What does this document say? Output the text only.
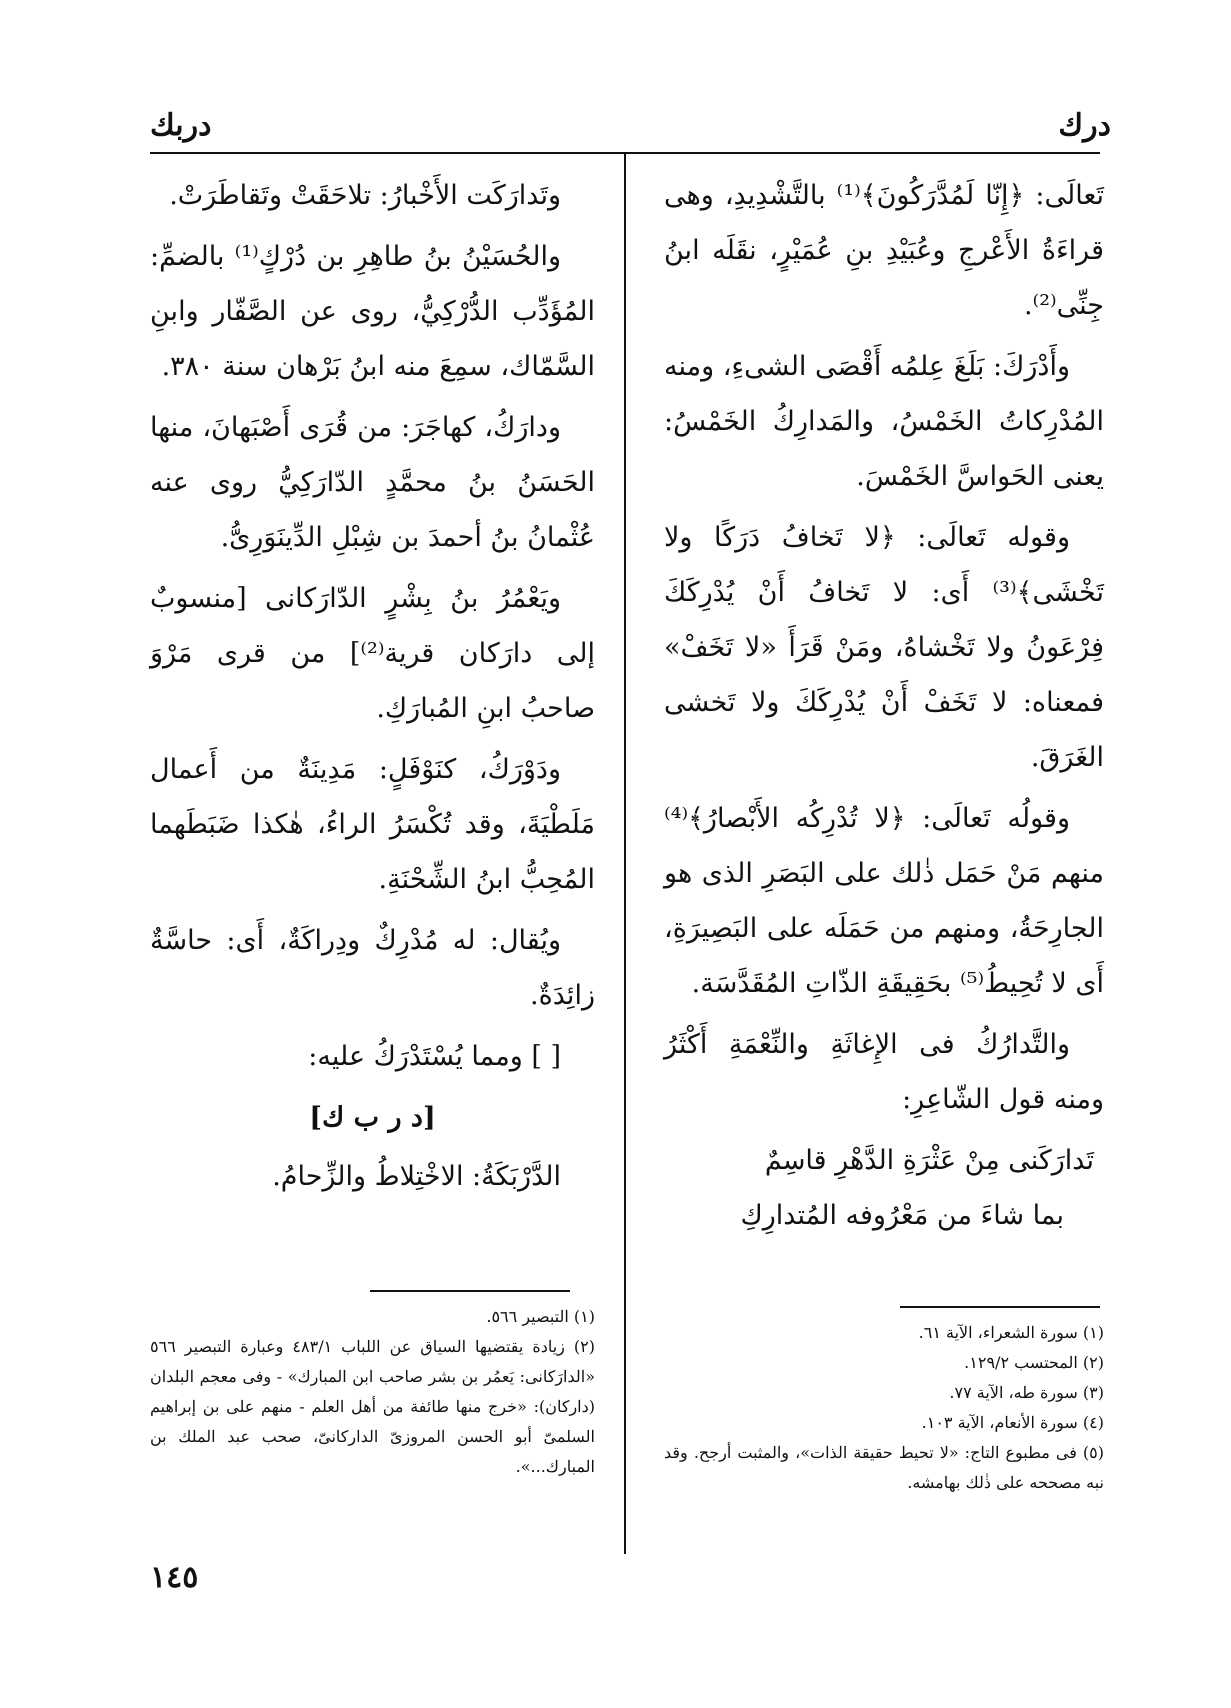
درك
دربك

تَعالَى: ﴿إِنّا لَمُدَّرَكُونَ﴾⁽¹⁾ بالتَّشْدِيدِ، وهى قراءَةُ الأَعْرجِ وعُبَيْدِ بنِ عُمَيْرٍ، نقَلَه ابنُ جِنِّى⁽²⁾.

وأَدْرَكَ: بَلَغَ عِلمُه أَقْصَى الشىءِ، ومنه المُدْرِكاتُ الخَمْسُ، والمَدارِكُ الخَمْسُ: يعنى الحَواسَّ الخَمْسَ.

وقوله تَعالَى: ﴿لا تَخافُ دَرَكًا ولا تَخْشَى﴾⁽³⁾ أَى: لا تَخافُ أَنْ يُدْرِكَكَ فِرْعَونُ ولا تَخْشاهُ، ومَنْ قَرَأَ «لا تَخَفْ» فمعناه: لا تَخَفْ أَنْ يُدْرِكَكَ ولا تَخشى الغَرَقَ.

وقولُه تَعالَى: ﴿لا تُدْرِكُه الأَبْصارُ﴾⁽⁴⁾ منهم مَنْ حَمَل ذٰلك على البَصَرِ الذى هو الجارِحَةُ، ومنهم من حَمَلَه على البَصِيرَةِ، أَى لا تُحِيطُ⁽⁵⁾ بحَقِيقَةِ الذّاتِ المُقَدَّسَة.

والتَّدارُكُ فى الإِغاثَةِ والنِّعْمَةِ أَكْثَرُ ومنه قول الشّاعِرِ:

تَدارَكَنى مِنْ عَثْرَةِ الدَّهْرِ قاسِمٌ
بما شاءَ من مَعْرُوفه المُتدارِكِ

وتَدارَكَت الأَخْبارُ: تلاحَقَتْ وتَقاطَرَتْ.

والحُسَيْنُ بنُ طاهِرِ بن دُرْكٍ⁽¹⁾ بالضمِّ: المُؤَدِّب الدُّرْكِيُّ، روى عن الصَّفّار وابنِ السَّمّاك، سمِعَ منه ابنُ بَرْهان سنة ٣٨٠.

ودارَكُ، كهاجَرَ: من قُرَى أَصْبَهانَ، منها الحَسَنُ بنُ محمَّدٍ الدّارَكِيُّ روى عنه عُثْمانُ بنُ أحمدَ بن شِبْلِ الدِّينَوَرِىُّ.

ويَعْمُرُ بنُ بِشْرٍ الدّارَكانى [منسوبٌ إلى دارَكان قرية⁽²⁾] من قرى مَرْوَ صاحبُ ابنِ المُبارَكِ.

ودَوْرَكُ، كنَوْفَلٍ: مَدِينَةٌ من أَعمال مَلَطْيَةَ، وقد تُكْسَرُ الراءُ، هٰكذا ضَبَطَهما المُحِبُّ ابنُ الشِّحْنَةِ.

ويُقال: له مُدْرِكٌ ودِراكَةٌ، أَى: حاسَّةٌ زائِدَةٌ.

[ ] ومما يُسْتَدْرَكُ عليه:

[د ر ب ك]

الدَّرْبَكَةُ: الاخْتِلاطُ والزِّحامُ.

(١) سورة الشعراء، الآية ٦١.
(٢) المحتسب ١٢٩/٢.
(٣) سورة طه، الآية ٧٧.
(٤) سورة الأنعام، الآية ١٠٣.
(٥) فى مطبوع التاج: «لا تحيط حقيقة الذات»، والمثبت أرجح. وقد نبه مصححه على ذٰلك بهامشه.
(١) التبصير ٥٦٦.
(٢) زيادة يقتضيها السياق عن اللباب ٤٨٣/١ وعبارة التبصير ٥٦٦ «الدارَكانى: يَعمُر بن بشر صاحب ابن المبارك» - وفى معجم البلدان (داركان): «خرج منها طائفة من أهل العلم - منهم على بن إبراهيم السلمىّ أبو الحسن المروزىّ الداركانىّ، صحب عبد الملك بن المبارك...».
١٤٥
